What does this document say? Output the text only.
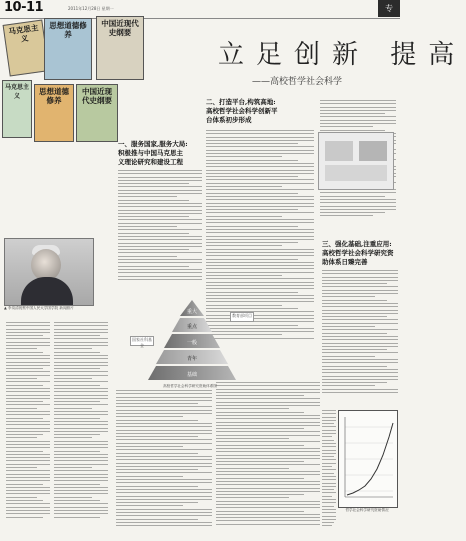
10-11	2011年12月28日 星期一	专
马克思主义
思想道德修养
中国近现代史纲要
马克思主义
思想道德修养
中国近现代史纲要
立足创新 提高
——高校哲学社会科学
一、服务国家,服务大局:
积极推与中国马克思主
义理论研究和建设工程
二、打造平台,构筑高地:
高校哲学社会科学创新平
台体系初步形成
三、强化基础,注重应用:
高校哲学社会科学研究资
助体系日臻完善
▲ 李岚清视察中国人民大学国学院 新闻照片
重大
重点
一般
青年
基础
国家社科基金
教育部项目
高校哲学社会科学研究资助体系图
哲学社会科学研究资助情况
